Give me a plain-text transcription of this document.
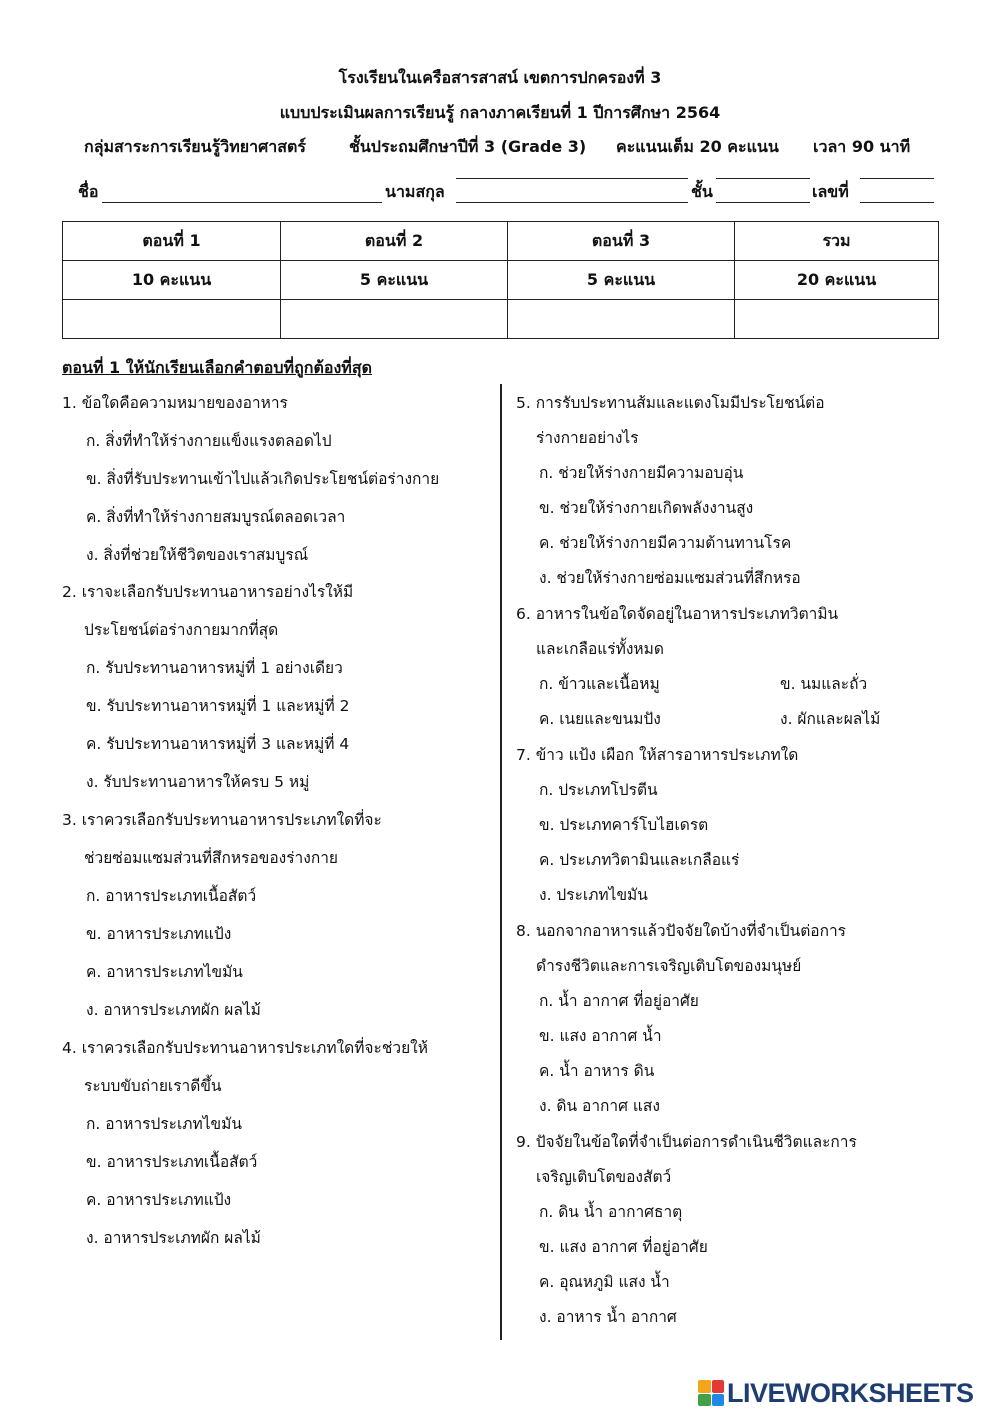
โรงเรียนในเครือสารสาสน์ เขตการปกครองที่ 3
แบบประเมินผลการเรียนรู้ กลางภาคเรียนที่ 1 ปีการศึกษา 2564
กลุ่มสาระการเรียนรู้วิทยาศาสตร์	ชั้นประถมศึกษาปีที่ 3 (Grade 3) คะแนนเต็ม 20 คะแนน เวลา 90 นาที
ชื่อ	นามสกุล	ชั้น	เลขที่
ตอนที่ 1	ตอนที่ 2	ตอนที่ 3	รวม
10 คะแนน	5 คะแนน	5 คะแนน	20 คะแนน

ตอนที่ 1 ให้นักเรียนเลือกคำตอบที่ถูกต้องที่สุด
1. ข้อใดคือความหมายของอาหาร
ก. สิ่งที่ทำให้ร่างกายแข็งแรงตลอดไป
ข. สิ่งที่รับประทานเข้าไปแล้วเกิดประโยชน์ต่อร่างกาย
ค. สิ่งที่ทำให้ร่างกายสมบูรณ์ตลอดเวลา
ง. สิ่งที่ช่วยให้ชีวิตของเราสมบูรณ์
2. เราจะเลือกรับประทานอาหารอย่างไรให้มี
ประโยชน์ต่อร่างกายมากที่สุด
ก. รับประทานอาหารหมู่ที่ 1 อย่างเดียว
ข. รับประทานอาหารหมู่ที่ 1 และหมู่ที่ 2
ค. รับประทานอาหารหมู่ที่ 3 และหมู่ที่ 4
ง. รับประทานอาหารให้ครบ 5 หมู่
3. เราควรเลือกรับประทานอาหารประเภทใดที่จะ
ช่วยซ่อมแซมส่วนที่สึกหรอของร่างกาย
ก. อาหารประเภทเนื้อสัตว์
ข. อาหารประเภทแป้ง
ค. อาหารประเภทไขมัน
ง. อาหารประเภทผัก ผลไม้
4. เราควรเลือกรับประทานอาหารประเภทใดที่จะช่วยให้
ระบบขับถ่ายเราดีขึ้น
ก. อาหารประเภทไขมัน
ข. อาหารประเภทเนื้อสัตว์
ค. อาหารประเภทแป้ง
ง. อาหารประเภทผัก ผลไม้
5. การรับประทานส้มและแตงโมมีประโยชน์ต่อ
ร่างกายอย่างไร
ก. ช่วยให้ร่างกายมีความอบอุ่น
ข. ช่วยให้ร่างกายเกิดพลังงานสูง
ค. ช่วยให้ร่างกายมีความต้านทานโรค
ง. ช่วยให้ร่างกายซ่อมแซมส่วนที่สึกหรอ
6. อาหารในข้อใดจัดอยู่ในอาหารประเภทวิตามิน
และเกลือแร่ทั้งหมด
ก. ข้าวและเนื้อหมู	ข. นมและถั่ว
ค. เนยและขนมปัง	ง. ผักและผลไม้
7. ข้าว แป้ง เผือก ให้สารอาหารประเภทใด
ก. ประเภทโปรตีน
ข. ประเภทคาร์โบไฮเดรต
ค. ประเภทวิตามินและเกลือแร่
ง. ประเภทไขมัน
8. นอกจากอาหารแล้วปัจจัยใดบ้างที่จำเป็นต่อการ
ดำรงชีวิตและการเจริญเติบโตของมนุษย์
ก. น้ำ อากาศ ที่อยู่อาศัย
ข. แสง อากาศ น้ำ
ค. น้ำ อาหาร ดิน
ง. ดิน อากาศ แสง
9. ปัจจัยในข้อใดที่จำเป็นต่อการดำเนินชีวิตและการ
เจริญเติบโตของสัตว์
ก. ดิน น้ำ อากาศธาตุ
ข. แสง อากาศ ที่อยู่อาศัย
ค. อุณหภูมิ แสง น้ำ
ง. อาหาร น้ำ อากาศ
LIVEWORKSHEETS
